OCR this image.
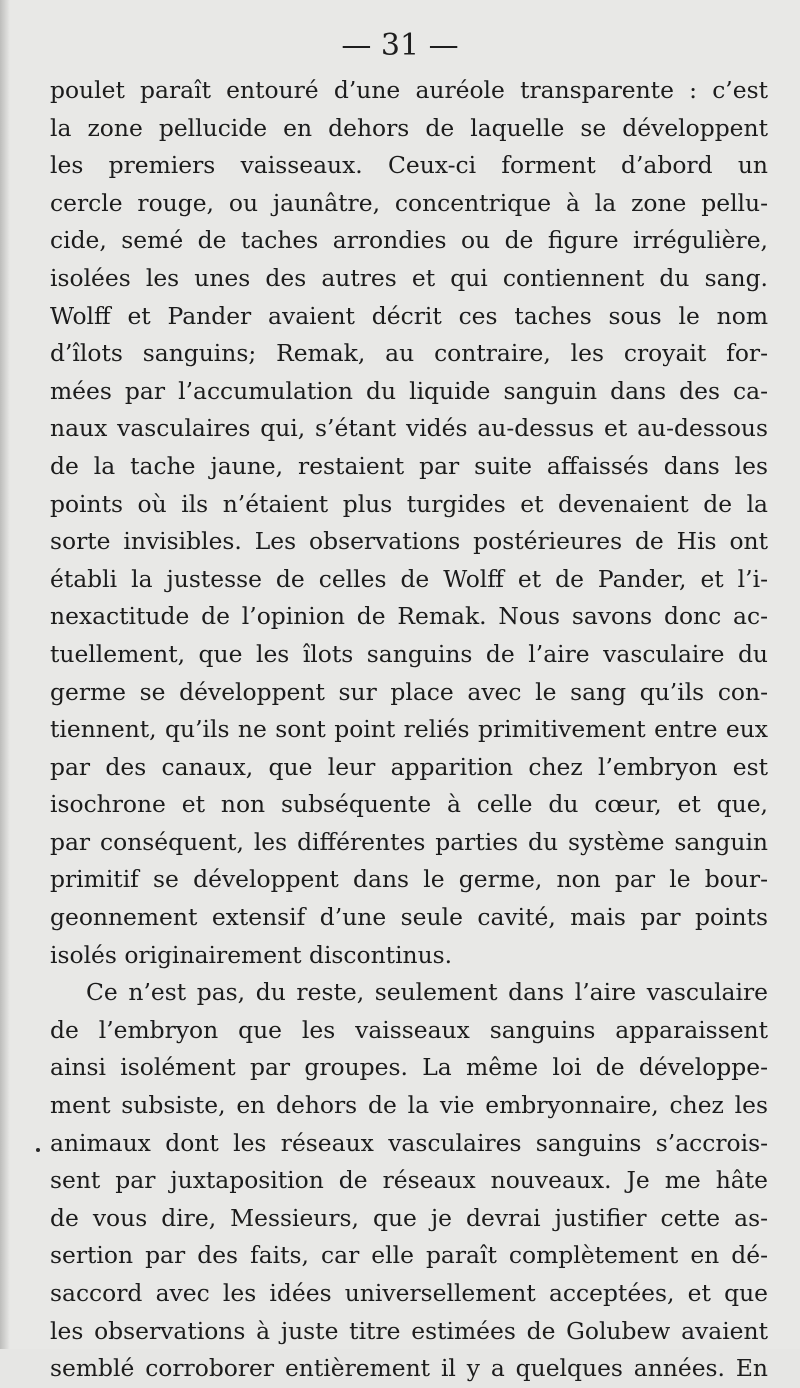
— 31 —
poulet paraît entouré d’une auréole transparente : c’est
la zone pellucide en dehors de laquelle se développent
les premiers vaisseaux. Ceux-ci forment d’abord un
cercle rouge, ou jaunâtre, concentrique à la zone pellu-
cide, semé de taches arrondies ou de figure irrégulière,
isolées les unes des autres et qui contiennent du sang.
Wolff et Pander avaient décrit ces taches sous le nom
d’îlots sanguins; Remak, au contraire, les croyait for-
mées par l’accumulation du liquide sanguin dans des ca-
naux vasculaires qui, s’étant vidés au-dessus et au-dessous
de la tache jaune, restaient par suite affaissés dans les
points où ils n’étaient plus turgides et devenaient de la
sorte invisibles. Les observations postérieures de His ont
établi la justesse de celles de Wolff et de Pander, et l’i-
nexactitude de l’opinion de Remak. Nous savons donc ac-
tuellement, que les îlots sanguins de l’aire vasculaire du
germe se développent sur place avec le sang qu’ils con-
tiennent, qu’ils ne sont point reliés primitivement entre eux
par des canaux, que leur apparition chez l’embryon est
isochrone et non subséquente à celle du cœur, et que,
par conséquent, les différentes parties du système sanguin
primitif se développent dans le germe, non par le bour-
geonnement extensif d’une seule cavité, mais par points
isolés originairement discontinus.
Ce n’est pas, du reste, seulement dans l’aire vasculaire
de l’embryon que les vaisseaux sanguins apparaissent
ainsi isolément par groupes. La même loi de développe-
ment subsiste, en dehors de la vie embryonnaire, chez les
animaux dont les réseaux vasculaires sanguins s’accrois-
sent par juxtaposition de réseaux nouveaux. Je me hâte
de vous dire, Messieurs, que je devrai justifier cette as-
sertion par des faits, car elle paraît complètement en dé-
saccord avec les idées universellement acceptées, et que
les observations à juste titre estimées de Golubew avaient
semblé corroborer entièrement il y a quelques années. En
